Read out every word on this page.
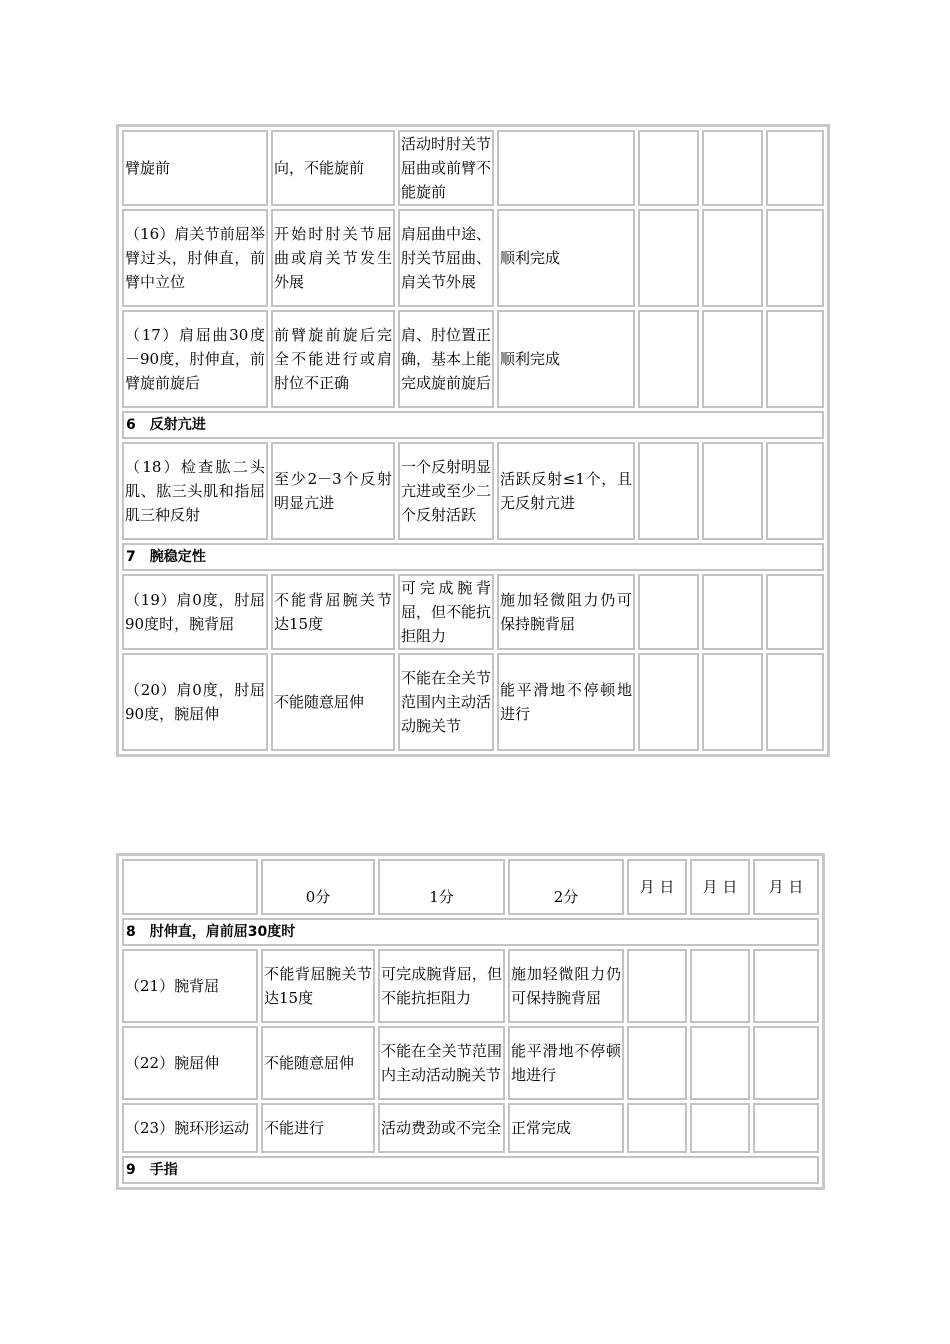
臂旋前	向，不能旋前	活动时肘关节屈曲或前臂不能旋前				
（16）肩关节前屈举臂过头，肘伸直，前臂中立位	开始时肘关节屈曲或肩关节发生外展	肩屈曲中途、肘关节屈曲、肩关节外展	顺利完成			
（17）肩屈曲30度－90度，肘伸直，前臂旋前旋后	前臂旋前旋后完全不能进行或肩肘位不正确	肩、肘位置正确，基本上能完成旋前旋后	顺利完成			
6　反射亢进						
（18）检查肱二头肌、肱三头肌和指屈肌三种反射	至少2－3个反射明显亢进	一个反射明显亢进或至少二个反射活跃	活跃反射≤1个，且无反射亢进			
7　腕稳定性						
（19）肩0度，肘屈90度时，腕背屈	不能背屈腕关节达15度	可完成腕背屈，但不能抗拒阻力	施加轻微阻力仍可保持腕背屈			
（20）肩0度，肘屈90度，腕屈伸	不能随意屈伸	不能在全关节范围内主动活动腕关节	能平滑地不停顿地进行			
	0分	1分	2分	月 日	月 日	月 日
8　肘伸直，肩前屈30度时						
（21）腕背屈	不能背屈腕关节达15度	可完成腕背屈，但不能抗拒阻力	施加轻微阻力仍可保持腕背屈			
（22）腕屈伸	不能随意屈伸	不能在全关节范围内主动活动腕关节	能平滑地不停顿地进行			
（23）腕环形运动	不能进行	活动费劲或不完全	正常完成			
9　手指						
